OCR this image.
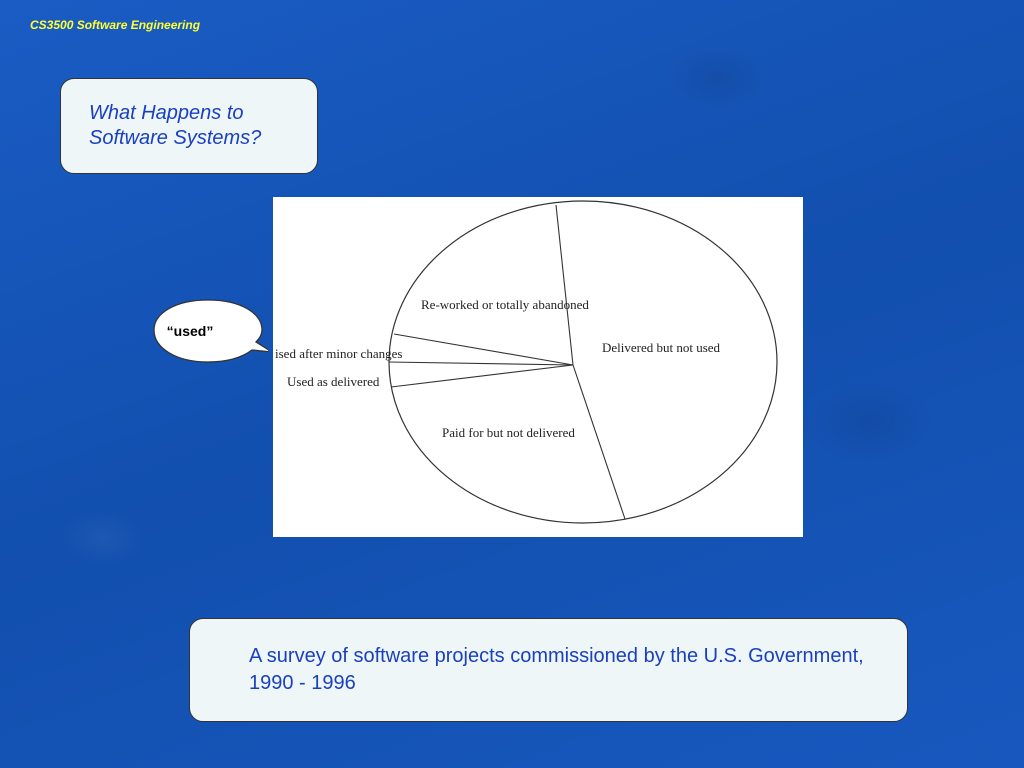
CS3500 Software Engineering
What Happens to
Software Systems?
Re-worked or totally abandoned
Delivered but not used
ised after minor changes
Used as delivered
Paid for but not delivered
“used”
A survey of software projects commissioned by the U.S. Government, 1990 - 1996
